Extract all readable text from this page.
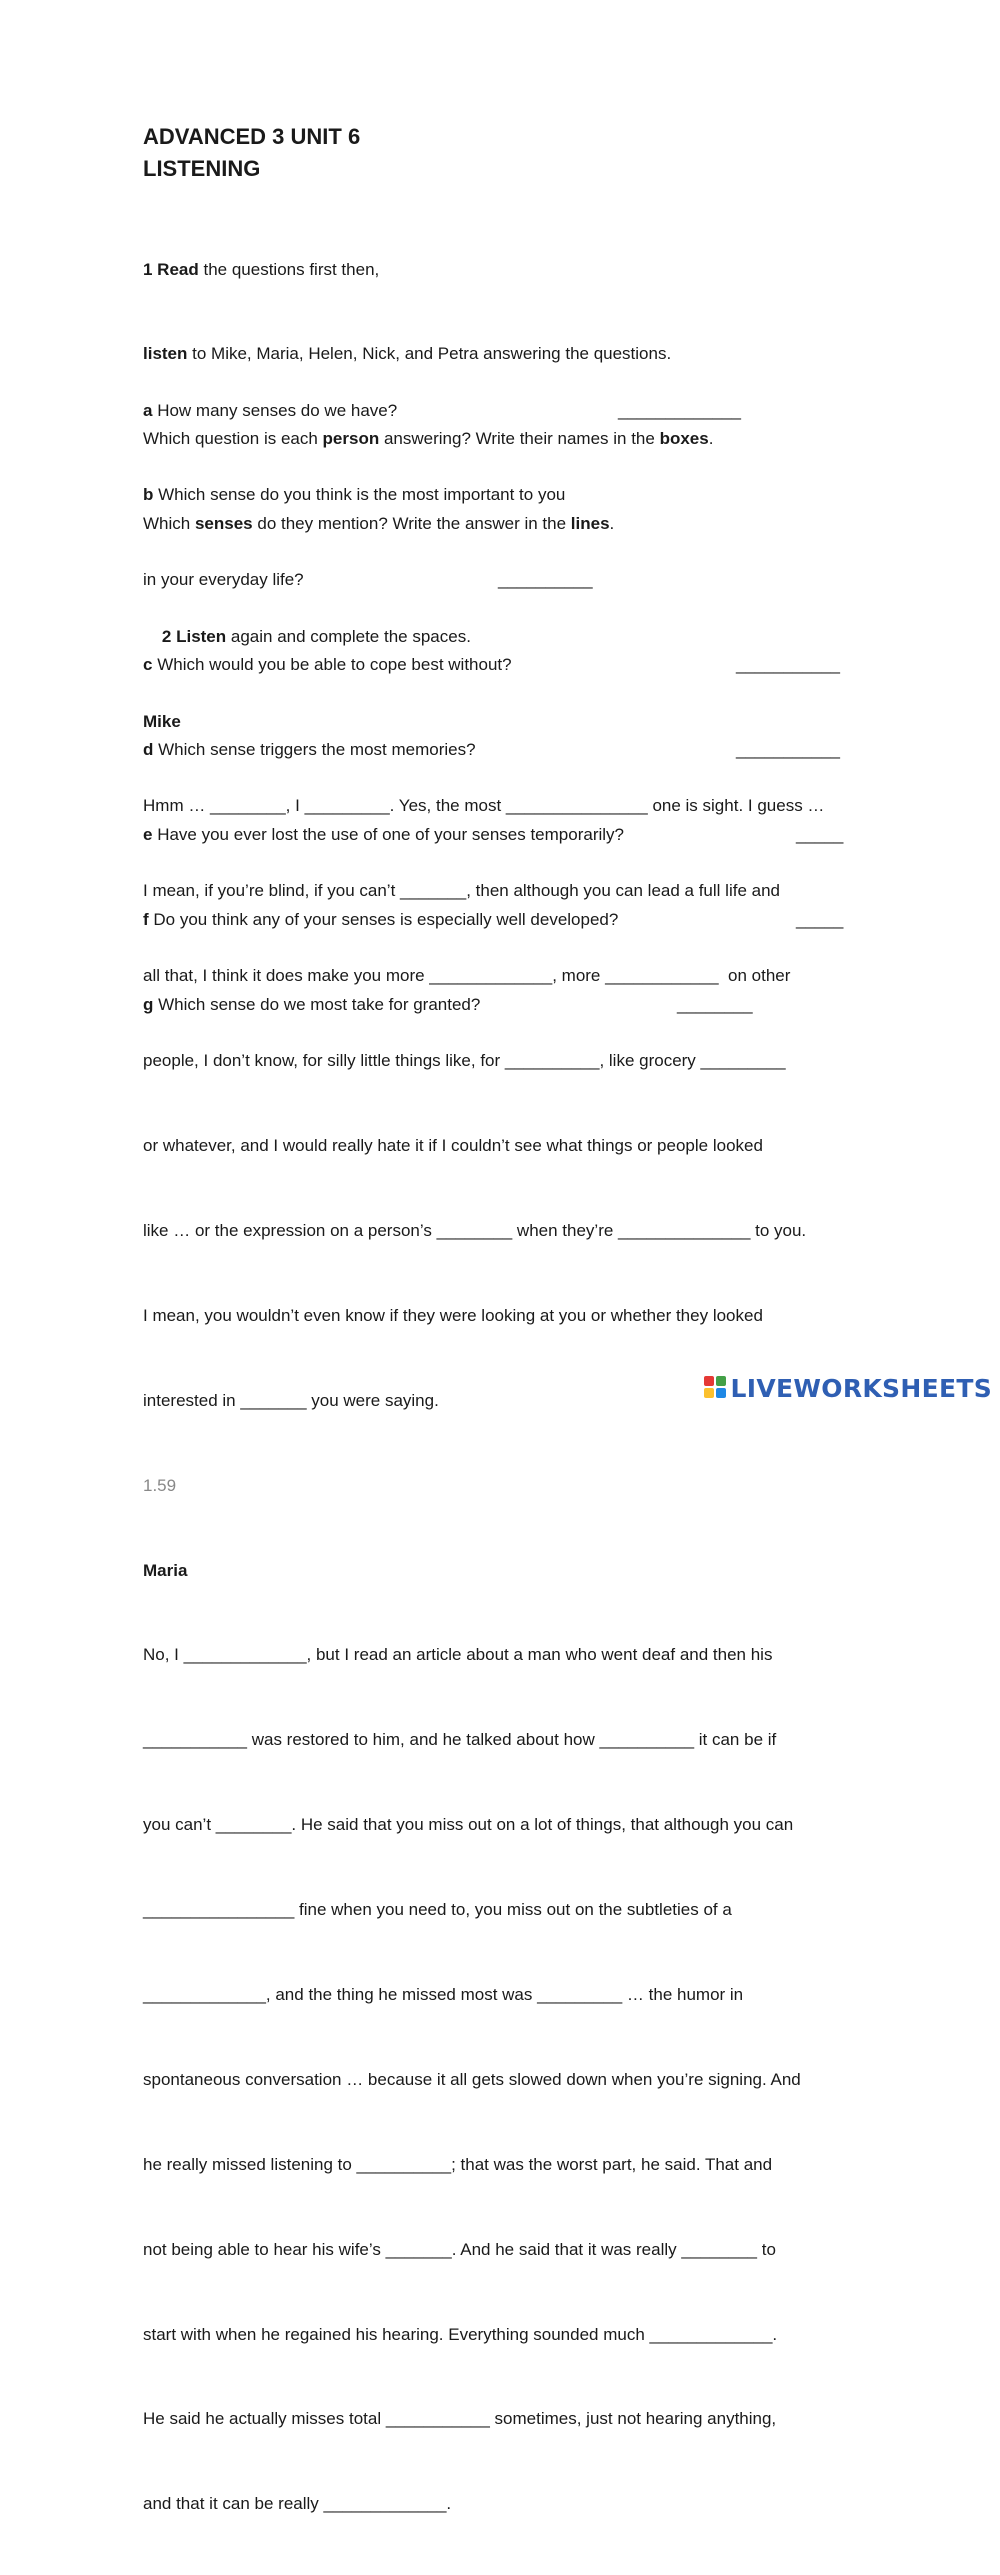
ADVANCED 3 UNIT 6
LISTENING

1 Read the questions first then,

listen to Mike, Maria, Helen, Nick, and Petra answering the questions.

Which question is each person answering? Write their names in the boxes.

Which senses do they mention? Write the answer in the lines.

a How many senses do we have?

	_____________

b Which sense do you think is the most important to you

in your everyday life?

	__________

c Which would you be able to cope best without?

	___________

d Which sense triggers the most memories?

	___________

e Have you ever lost the use of one of your senses temporarily?

	_____

f Do you think any of your senses is especially well developed?

	_____

g Which sense do we most take for granted?

	________

2 Listen again and complete the spaces.

Mike

Hmm … ________, I _________. Yes, the most _______________ one is sight. I guess …

I mean, if you’re blind, if you can’t _______, then although you can lead a full life and

all that, I think it does make you more _____________, more ____________  on other

people, I don’t know, for silly little things like, for __________, like grocery _________

or whatever, and I would really hate it if I couldn’t see what things or people looked

like … or the expression on a person’s ________ when they’re ______________ to you.

I mean, you wouldn’t even know if they were looking at you or whether they looked

interested in _______ you were saying.

1.59

Maria

No, I _____________, but I read an article about a man who went deaf and then his

___________ was restored to him, and he talked about how __________ it can be if

you can’t ________. He said that you miss out on a lot of things, that although you can

________________ fine when you need to, you miss out on the subtleties of a

_____________, and the thing he missed most was _________ … the humor in

spontaneous conversation … because it all gets slowed down when you’re signing. And

he really missed listening to __________; that was the worst part, he said. That and

not being able to hear his wife’s _______. And he said that it was really ________ to

start with when he regained his hearing. Everything sounded much _____________.

He said he actually misses total ___________ sometimes, just not hearing anything,

and that it can be really _____________.

LIVEWORKSHEETS
